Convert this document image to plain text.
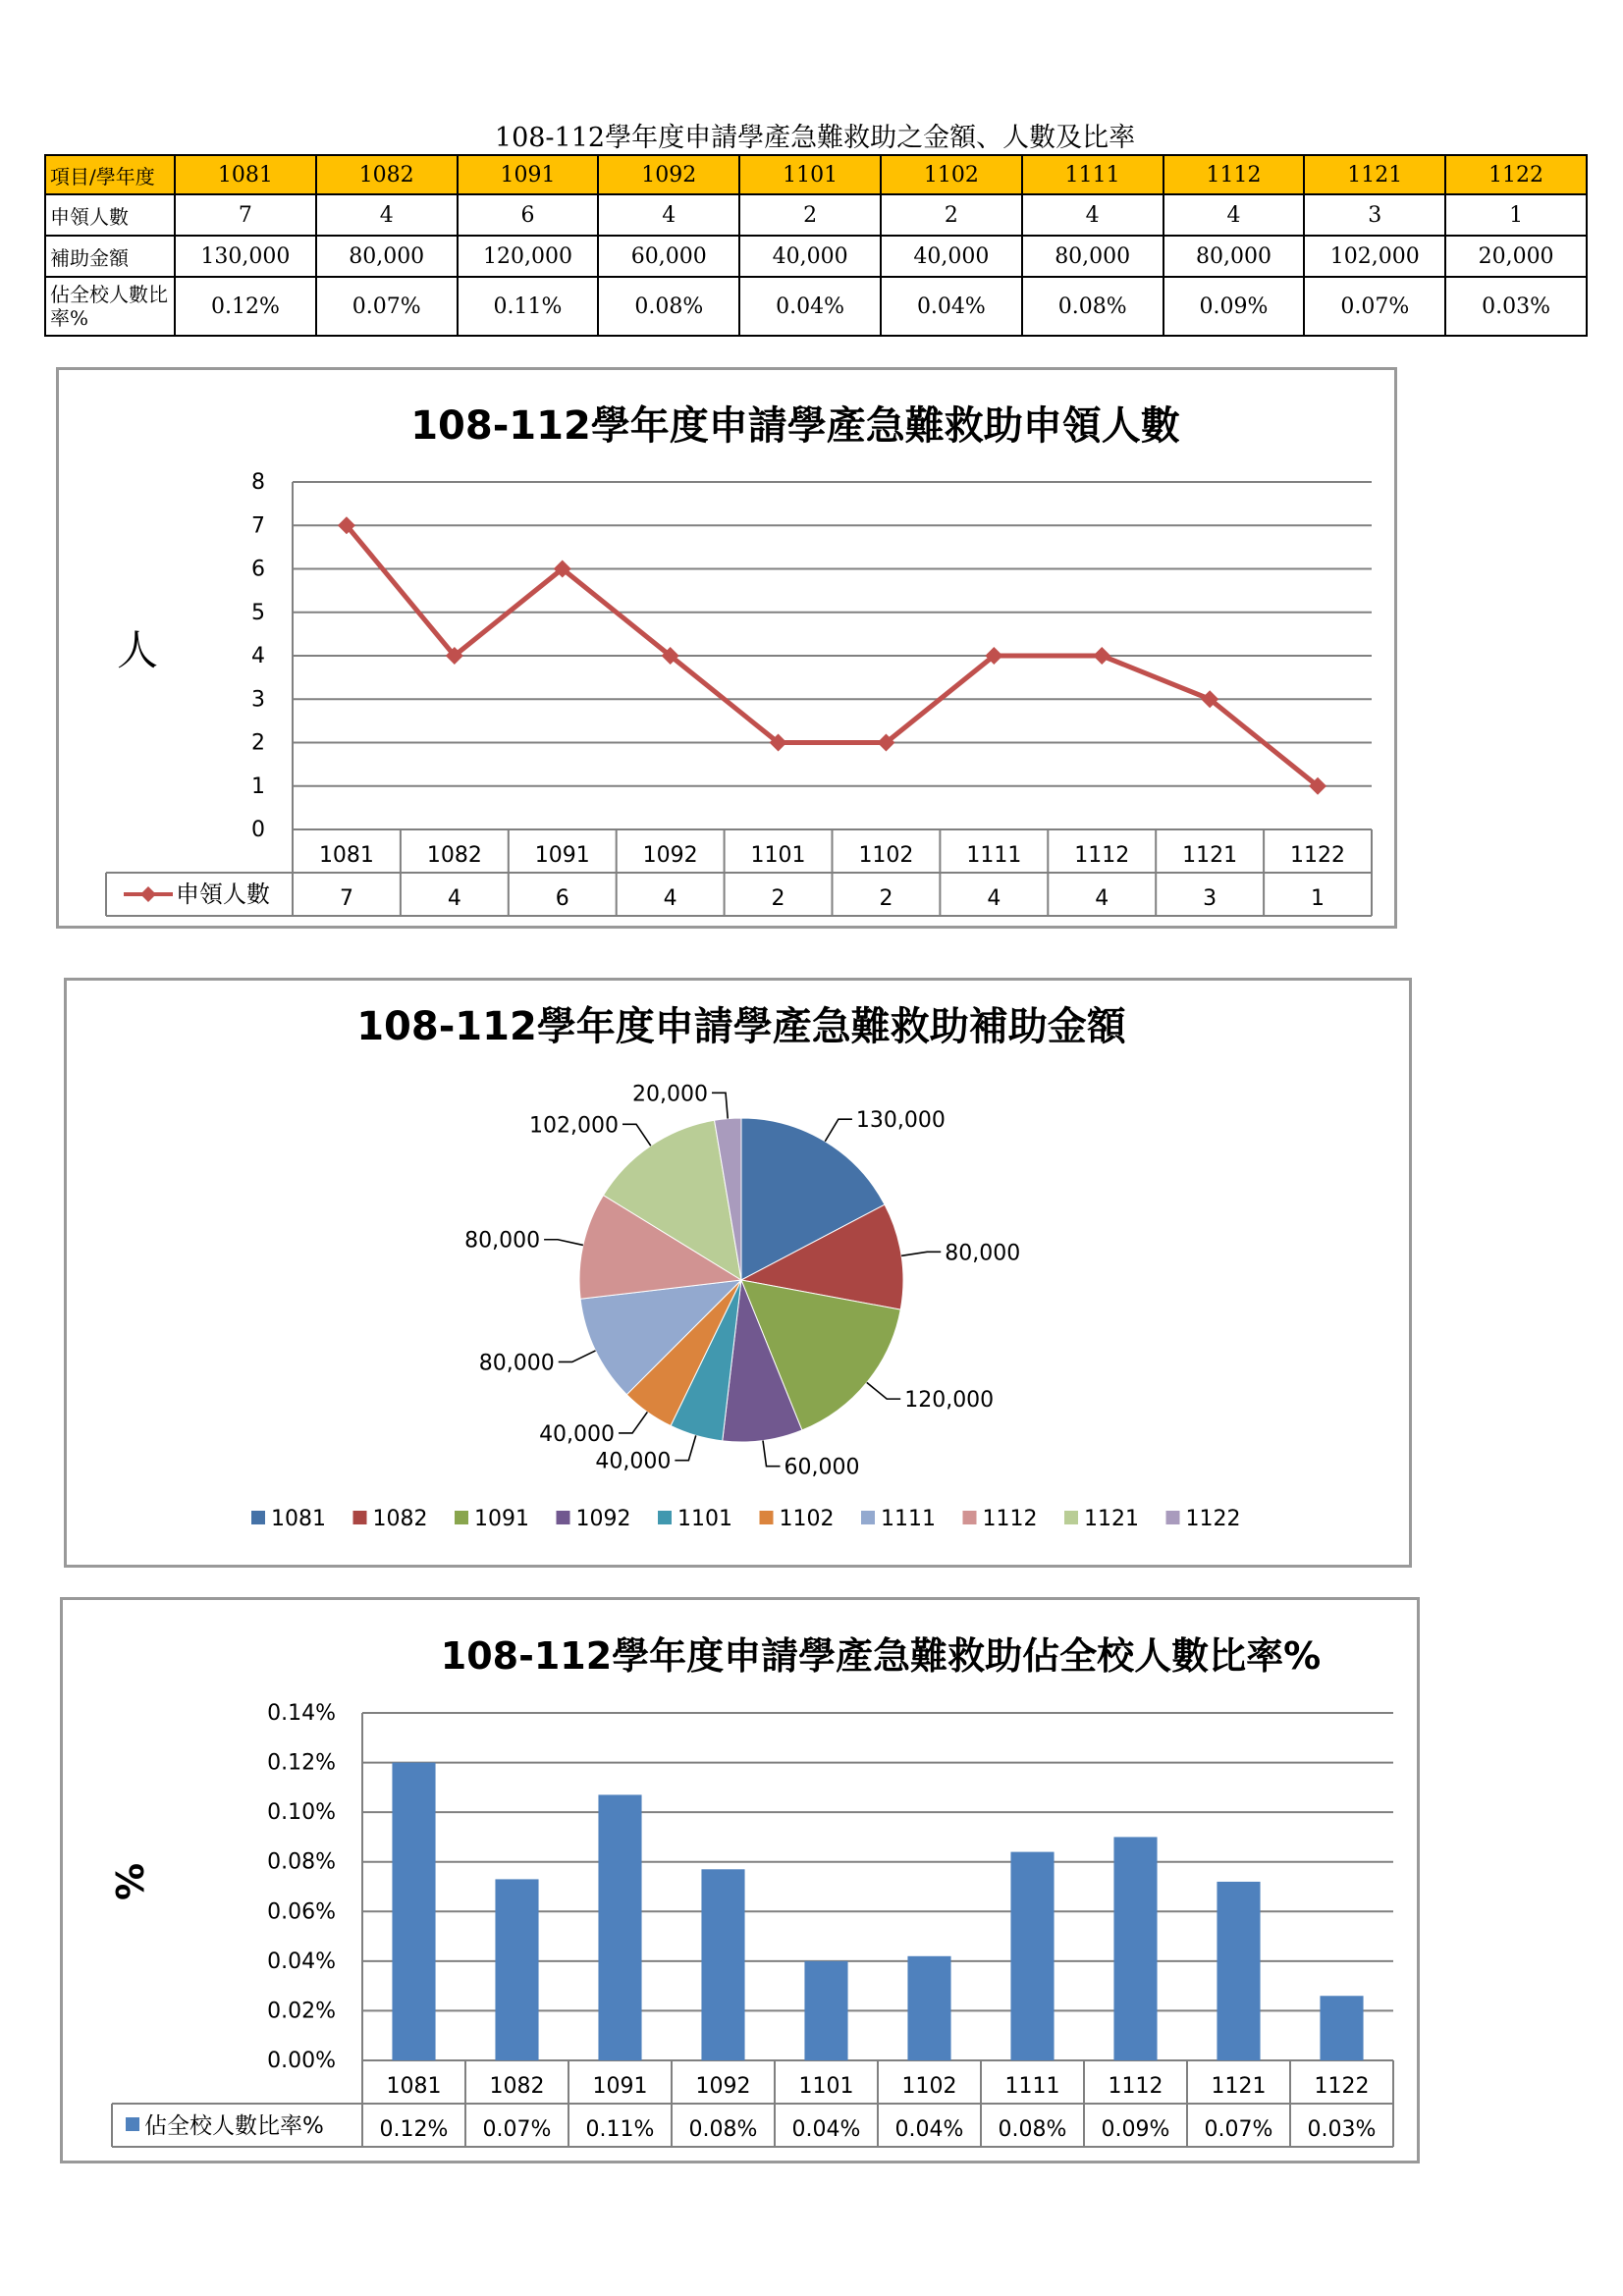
108-112學年度申請學產急難救助之金額、人數及比率
項目/學年度	1081	1082	1091	1092	1101	1102	1111	1112	1121	1122
申領人數	7	4	6	4	2	2	4	4	3	1
補助金額	130,000	80,000	120,000	60,000	40,000	40,000	80,000	80,000	102,000	20,000
佔全校人數比率%	0.12%	0.07%	0.11%	0.08%	0.04%	0.04%	0.08%	0.09%	0.07%	0.03%
108-112學年度申請學產急難救助申領人數
人
0
1
2
3
4
5
6
7
8
1081
7
1082
4
1091
6
1092
4
1101
2
1102
2
1111
4
1112
4
1121
3
1122
1
申領人數
108-112學年度申請學產急難救助補助金額
130,000
80,000
120,000
60,000
40,000
40,000
80,000
80,000
102,000
20,000
1081 1082 1091 1092 1101 1102 1111 1112 1121 1122
108-112學年度申請學產急難救助佔全校人數比率%
%
0.00%
0.02%
0.04%
0.06%
0.08%
0.10%
0.12%
0.14%
1081
0.12%
1082
0.07%
1091
0.11%
1092
0.08%
1101
0.04%
1102
0.04%
1111
0.08%
1112
0.09%
1121
0.07%
1122
0.03%
佔全校人數比率%
